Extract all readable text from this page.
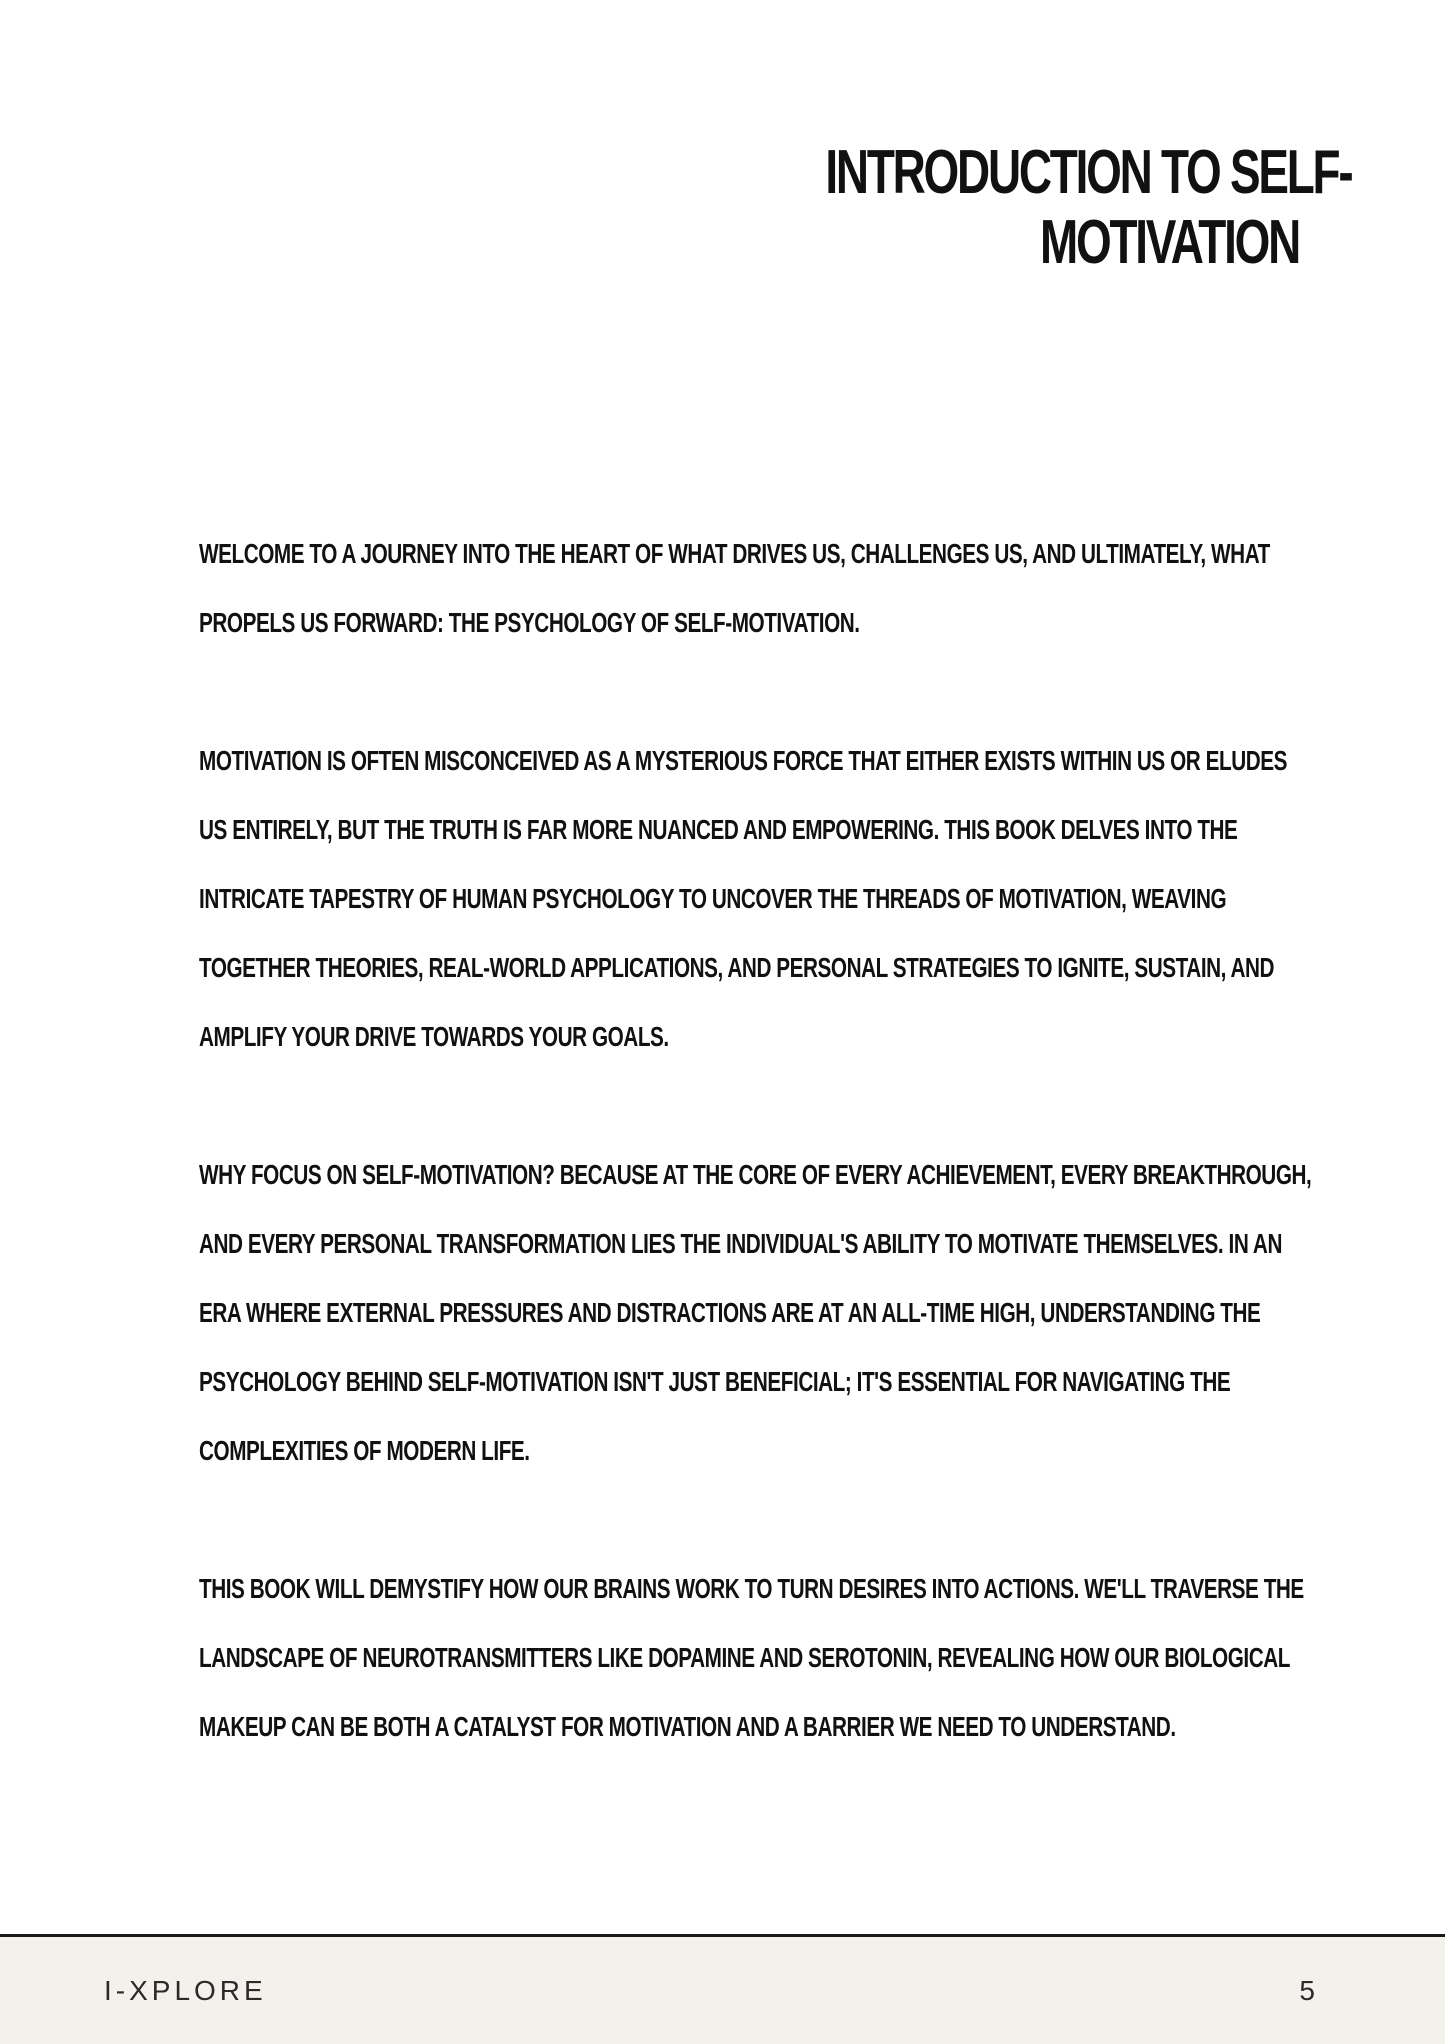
INTRODUCTION TO SELF-
MOTIVATION
WELCOME TO A JOURNEY INTO THE HEART OF WHAT DRIVES US, CHALLENGES US, AND ULTIMATELY, WHAT
PROPELS US FORWARD: THE PSYCHOLOGY OF SELF-MOTIVATION.
MOTIVATION IS OFTEN MISCONCEIVED AS A MYSTERIOUS FORCE THAT EITHER EXISTS WITHIN US OR ELUDES
US ENTIRELY, BUT THE TRUTH IS FAR MORE NUANCED AND EMPOWERING. THIS BOOK DELVES INTO THE
INTRICATE TAPESTRY OF HUMAN PSYCHOLOGY TO UNCOVER THE THREADS OF MOTIVATION, WEAVING
TOGETHER THEORIES, REAL-WORLD APPLICATIONS, AND PERSONAL STRATEGIES TO IGNITE, SUSTAIN, AND
AMPLIFY YOUR DRIVE TOWARDS YOUR GOALS.
WHY FOCUS ON SELF-MOTIVATION? BECAUSE AT THE CORE OF EVERY ACHIEVEMENT, EVERY BREAKTHROUGH,
AND EVERY PERSONAL TRANSFORMATION LIES THE INDIVIDUAL'S ABILITY TO MOTIVATE THEMSELVES. IN AN
ERA WHERE EXTERNAL PRESSURES AND DISTRACTIONS ARE AT AN ALL-TIME HIGH, UNDERSTANDING THE
PSYCHOLOGY BEHIND SELF-MOTIVATION ISN'T JUST BENEFICIAL; IT'S ESSENTIAL FOR NAVIGATING THE
COMPLEXITIES OF MODERN LIFE.
THIS BOOK WILL DEMYSTIFY HOW OUR BRAINS WORK TO TURN DESIRES INTO ACTIONS. WE'LL TRAVERSE THE
LANDSCAPE OF NEUROTRANSMITTERS LIKE DOPAMINE AND SEROTONIN, REVEALING HOW OUR BIOLOGICAL
MAKEUP CAN BE BOTH A CATALYST FOR MOTIVATION AND A BARRIER WE NEED TO UNDERSTAND.
I-XPLORE	5
